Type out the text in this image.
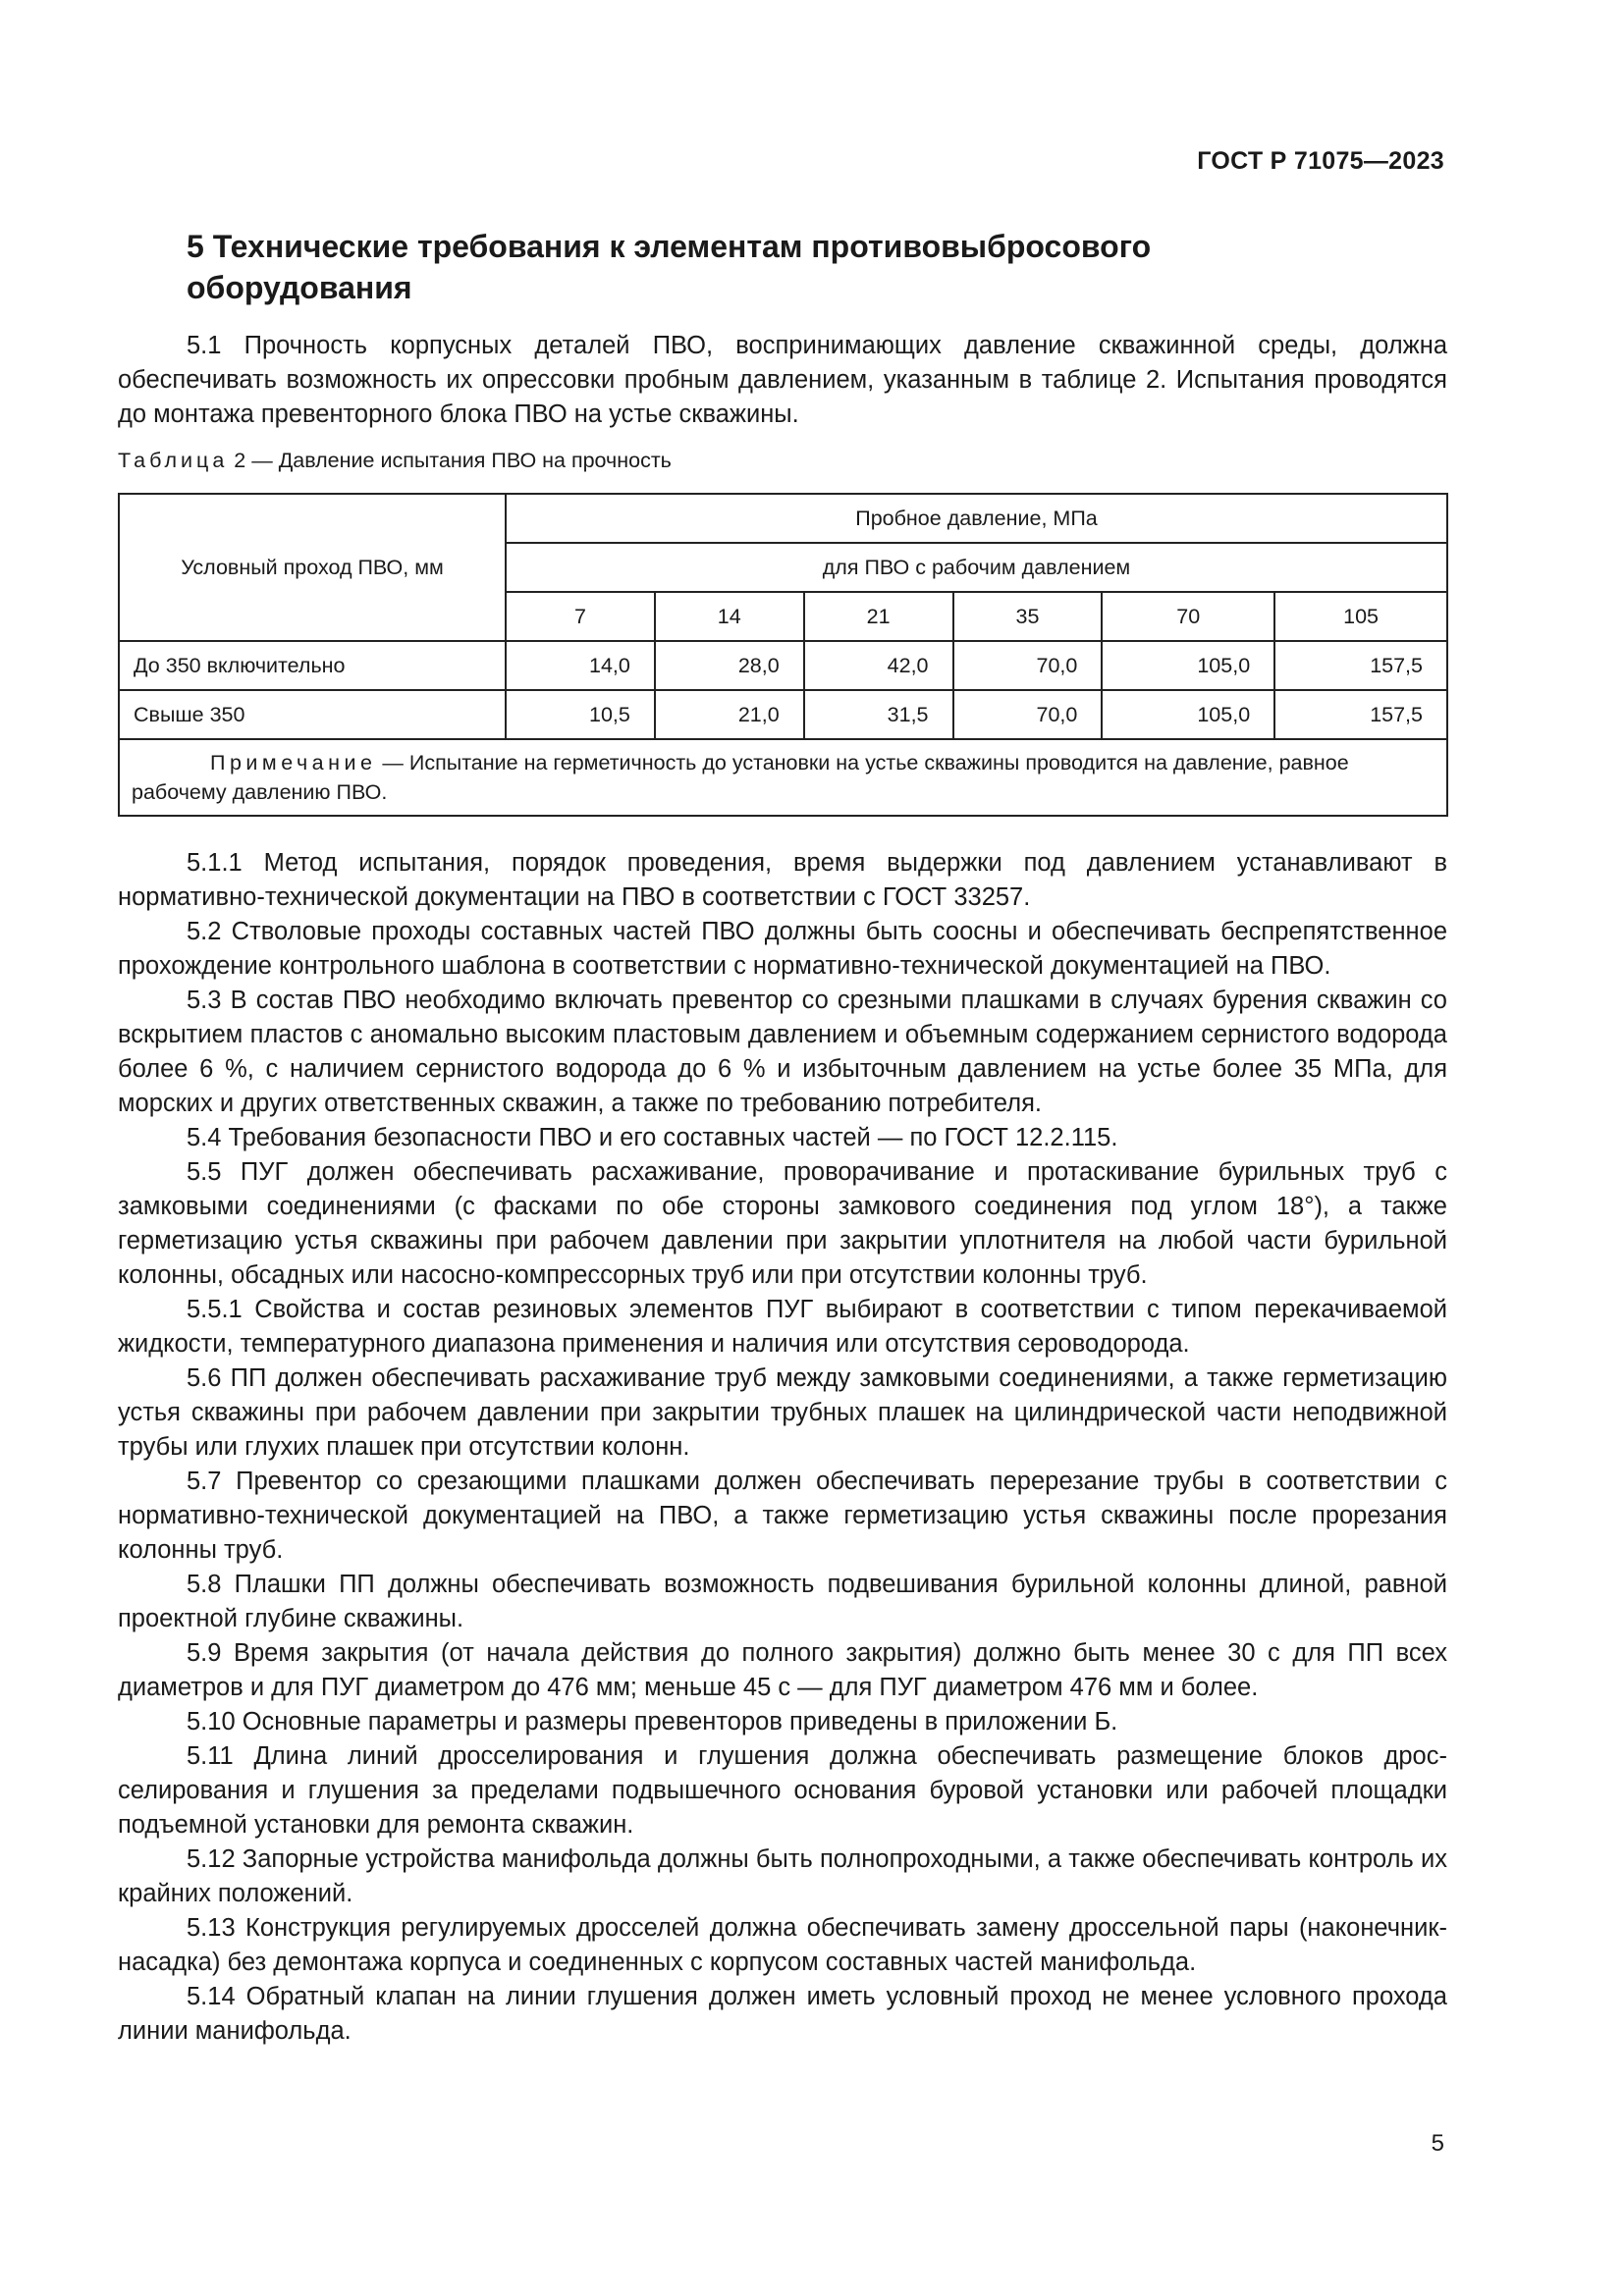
ГОСТ Р 71075—2023
5 Технические требования к элементам противовыбросового оборудования

5.1 Прочность корпусных деталей ПВО, воспринимающих давление скважинной среды, должна обеспечивать возможность их опрессовки пробным давлением, указанным в таблице 2. Испытания проводятся до монтажа превенторного блока ПВО на устье скважины.

Таблица 2 — Давление испытания ПВО на прочность
Условный проход ПВО, мм	Пробное давление, МПа					
	для ПВО с рабочим давлением					
	7	14	21	35	70	105
До 350 включительно	14,0	28,0	42,0	70,0	105,0	157,5
Свыше 350	10,5	21,0	31,5	70,0	105,0	157,5
Примечание — Испытание на герметичность до установки на устье скважины проводится на давление, равное рабочему давлению ПВО.						

5.1.1 Метод испытания, порядок проведения, время выдержки под давлением устанавливают в нормативно-технической документации на ПВО в соответствии с ГОСТ 33257.

5.2 Стволовые проходы составных частей ПВО должны быть соосны и обеспечивать беспрепятственное прохождение контрольного шаблона в соответствии с нормативно-технической документацией на ПВО.

5.3 В состав ПВО необходимо включать превентор со срезными плашками в случаях бурения скважин со вскрытием пластов с аномально высоким пластовым давлением и объемным содержанием сернистого водорода более 6 %, с наличием сернистого водорода до 6 % и избыточным давлением на устье более 35 МПа, для морских и других ответственных скважин, а также по требованию потребителя.

5.4 Требования безопасности ПВО и его составных частей — по ГОСТ 12.2.115.

5.5 ПУГ должен обеспечивать расхаживание, проворачивание и протаскивание бурильных труб с замковыми соединениями (с фасками по обе стороны замкового соединения под углом 18°), а также герметизацию устья скважины при рабочем давлении при закрытии уплотнителя на любой части бурильной колонны, обсадных или насосно-компрессорных труб или при отсутствии колонны труб.

5.5.1 Свойства и состав резиновых элементов ПУГ выбирают в соответствии с типом перекачиваемой жидкости, температурного диапазона применения и наличия или отсутствия сероводорода.

5.6 ПП должен обеспечивать расхаживание труб между замковыми соединениями, а также герметизацию устья скважины при рабочем давлении при закрытии трубных плашек на цилиндрической части неподвижной трубы или глухих плашек при отсутствии колонн.

5.7 Превентор со срезающими плашками должен обеспечивать перерезание трубы в соответствии с нормативно-технической документацией на ПВО, а также герметизацию устья скважины после прорезания колонны труб.

5.8 Плашки ПП должны обеспечивать возможность подвешивания бурильной колонны длиной, равной проектной глубине скважины.

5.9 Время закрытия (от начала действия до полного закрытия) должно быть менее 30 с для ПП всех диаметров и для ПУГ диаметром до 476 мм; меньше 45 с — для ПУГ диаметром 476 мм и более.

5.10 Основные параметры и размеры превенторов приведены в приложении Б.

5.11 Длина линий дросселирования и глушения должна обеспечивать размещение блоков дросселирования и глушения за пределами подвышечного основания буровой установки или рабочей площадки подъемной установки для ремонта скважин.

5.12 Запорные устройства манифольда должны быть полнопроходными, а также обеспечивать контроль их крайних положений.

5.13 Конструкция регулируемых дросселей должна обеспечивать замену дроссельной пары (наконечник-насадка) без демонтажа корпуса и соединенных с корпусом составных частей манифольда.

5.14 Обратный клапан на линии глушения должен иметь условный проход не менее условного прохода линии манифольда.

5
